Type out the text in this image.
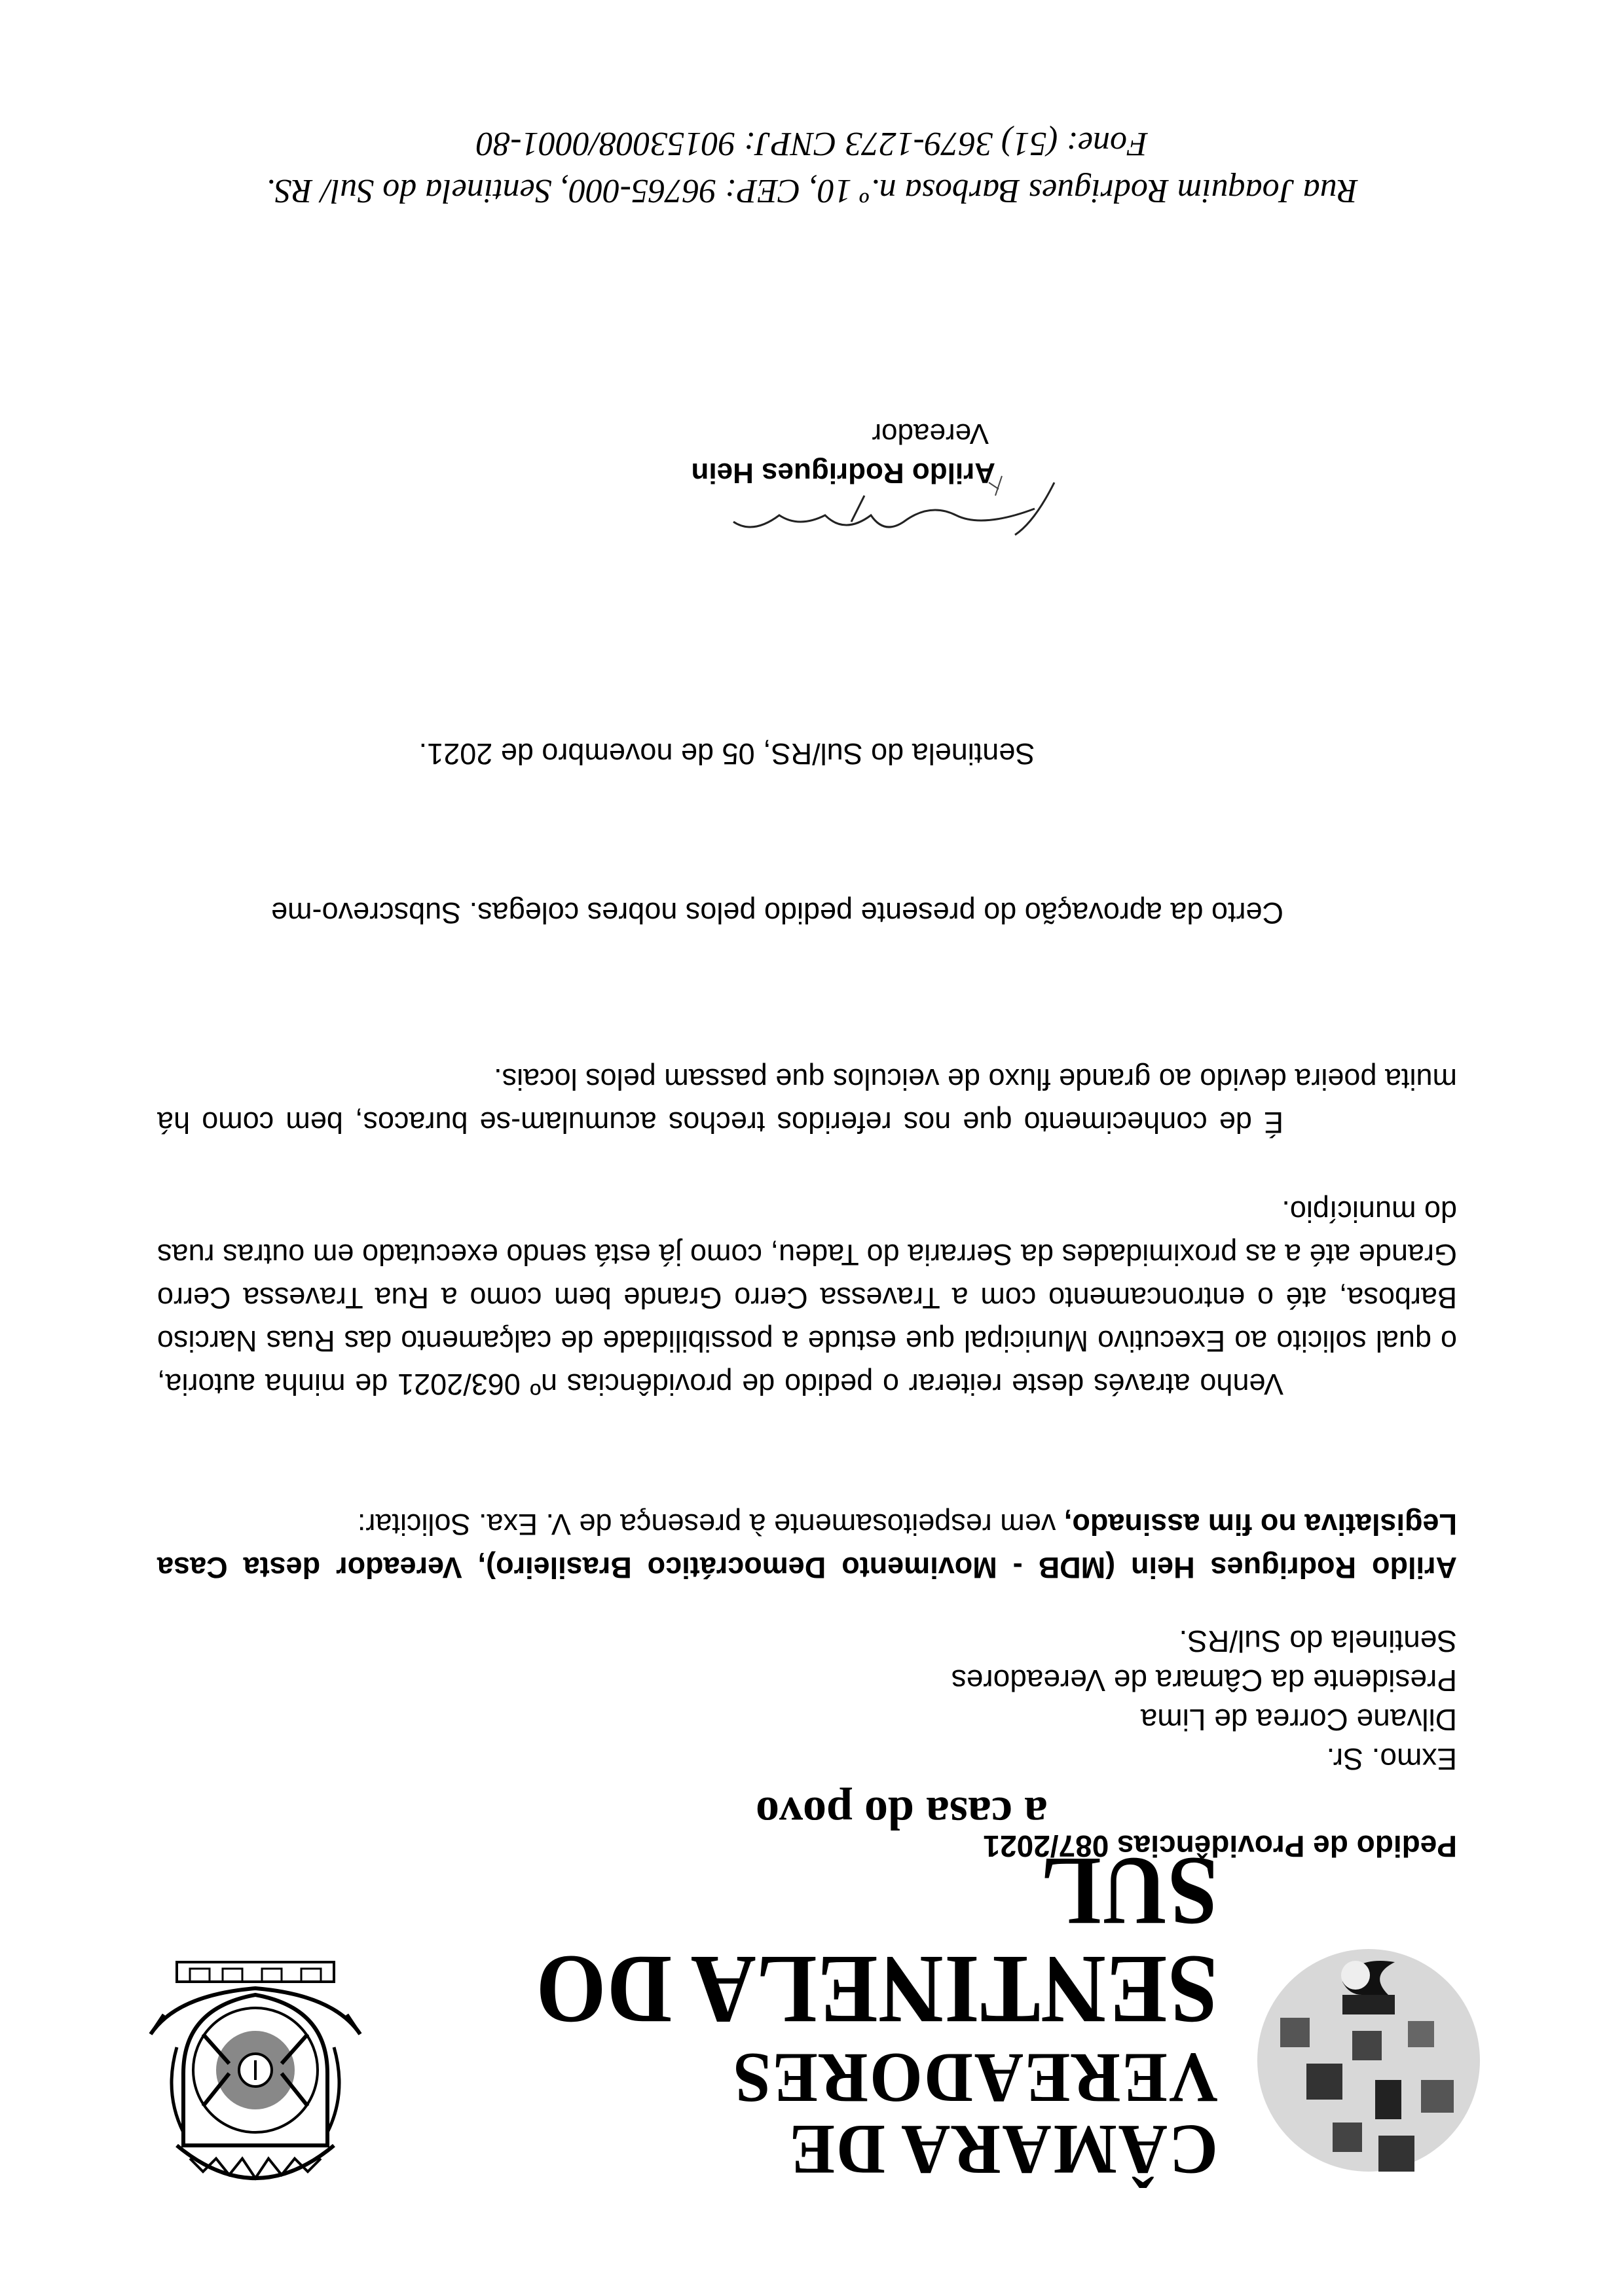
CÂMARA DE VEREADORES
SENTINELA DO SUL
a casa do povo
Pedido de Providências 087/2021
Exmo. Sr.
Dilvane Correa de Lima
Presidente da Câmara de Vereadores
Sentinela do Sul/RS.
Arildo Rodrigues Hein (MDB - Movimento Democrático Brasileiro), Vereador desta Casa Legislativa no fim assinado, vem respeitosamente à presença de V. Exa. Solicitar:
Venho através deste reiterar o pedido de providências nº 063/2021 de minha autoria, o qual solicito ao Executivo Municipal que estude a possibilidade de calçamento das Ruas Narciso Barbosa, até o entroncamento com a Travessa Cerro Grande bem como a Rua Travessa Cerro Grande até a as proximidades da Serraria do Tadeu, como já está sendo executado em outras ruas do município.
É de conhecimento que nos referidos trechos acumulam-se buracos, bem como há muita poeira devido ao grande fluxo de veiculos que passam pelos locais.
Certo da aprovação do presente pedido pelos nobres colegas. Subscrevo-me
Sentinela do Sul/RS, 05 de novembro de 2021.
Arildo Rodrigues Hein
Vereador
Rua Joaquim Rodrigues Barbosa n.º 10, CEP: 96765-000, Sentinela do Sul/ RS.
Fone: (51) 3679-1273 CNPJ: 90153008/0001-80
